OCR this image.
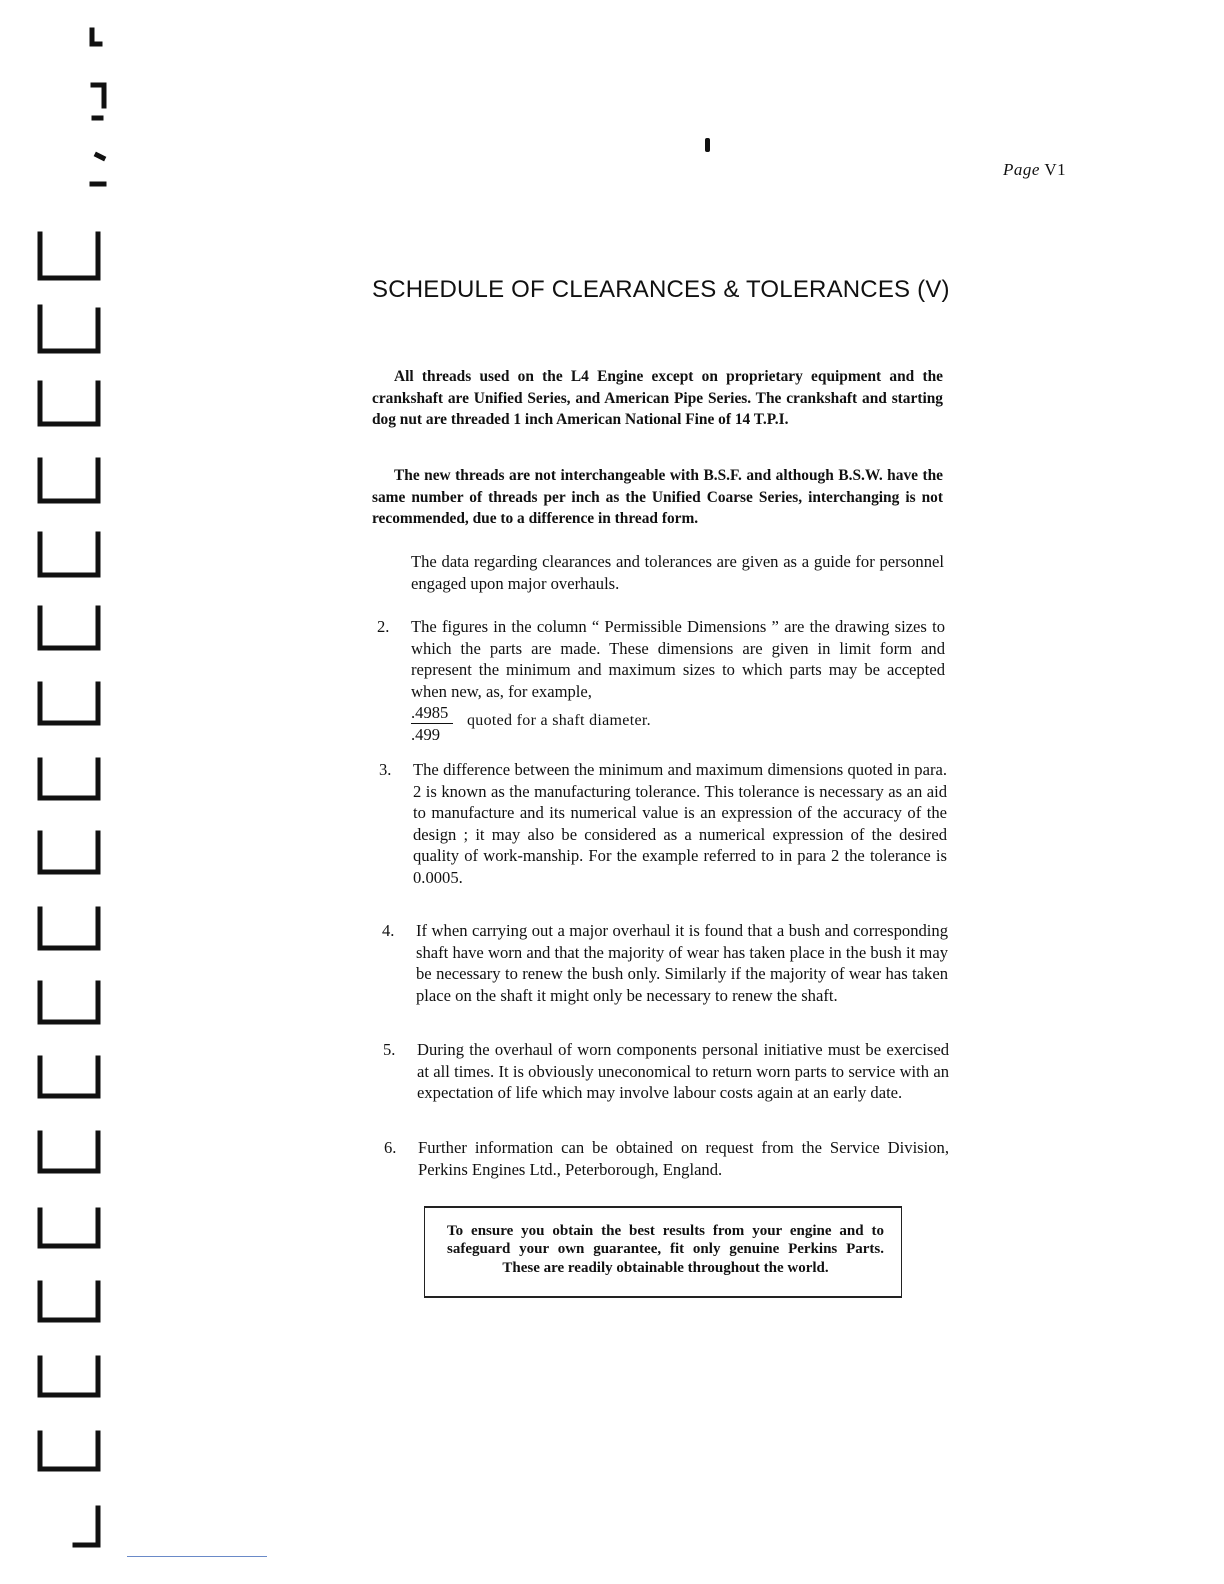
Page V1
SCHEDULE OF CLEARANCES & TOLERANCES (V)

All threads used on the L4 Engine except on proprietary equipment and the crankshaft are Unified Series, and American Pipe Series. The crankshaft and starting dog nut are threaded 1 inch American National Fine of 14 T.P.I.

The new threads are not interchangeable with B.S.F. and although B.S.W. have the same number of threads per inch as the Unified Coarse Series, interchanging is not recommended, due to a difference in thread form.

The data regarding clearances and tolerances are given as a guide for personnel engaged upon major overhauls.
2. The figures in the column “ Permissible Dimensions ” are the drawing sizes to which the parts are made. These dimensions are given in limit form and represent the minimum and maximum sizes to which parts may be accepted when new, as, for example,
$\frac{.4985}{.499}$ quoted for a shaft diameter.
3. The difference between the minimum and maximum dimensions quoted in para. 2 is known as the manufacturing tolerance. This tolerance is necessary as an aid to manufacture and its numerical value is an expression of the accuracy of the design ; it may also be considered as a numerical expression of the desired quality of work-manship. For the example referred to in para 2 the tolerance is 0.0005.
4. If when carrying out a major overhaul it is found that a bush and corresponding shaft have worn and that the majority of wear has taken place in the bush it may be necessary to renew the bush only. Similarly if the majority of wear has taken place on the shaft it might only be necessary to renew the shaft.
5. During the overhaul of worn components personal initiative must be exercised at all times. It is obviously uneconomical to return worn parts to service with an expectation of life which may involve labour costs again at an early date.
6. Further information can be obtained on request from the Service Division, Perkins Engines Ltd., Peterborough, England.

To ensure you obtain the best results from your engine and to safeguard your own guarantee, fit only genuine Perkins Parts. These are readily obtainable throughout the world.
